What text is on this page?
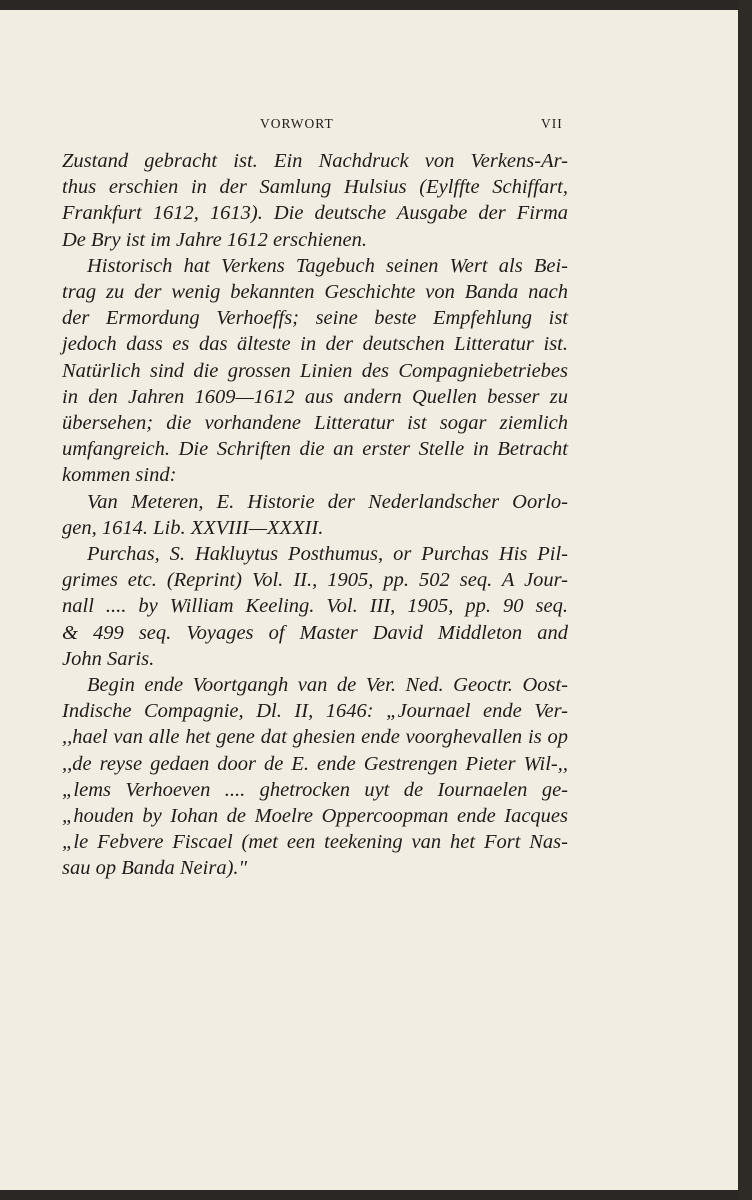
VORWORT	VII
Zustand gebracht ist. Ein Nachdruck von Verkens-Ar-
thus erschien in der Samlung Hulsius (Eylffte Schiffart,
Frankfurt 1612, 1613). Die deutsche Ausgabe der Firma
De Bry ist im Jahre 1612 erschienen.
Historisch hat Verkens Tagebuch seinen Wert als Bei-
trag zu der wenig bekannten Geschichte von Banda nach
der Ermordung Verhoeffs; seine beste Empfehlung ist
jedoch dass es das älteste in der deutschen Litteratur ist.
Natürlich sind die grossen Linien des Compagniebetriebes
in den Jahren 1609—1612 aus andern Quellen besser zu
übersehen; die vorhandene Litteratur ist sogar ziemlich
umfangreich. Die Schriften die an erster Stelle in Betracht
kommen sind:
Van Meteren, E. Historie der Nederlandscher Oorlo-
gen, 1614. Lib. XXVIII—XXXII.
Purchas, S. Hakluytus Posthumus, or Purchas His Pil-
grimes etc. (Reprint) Vol. II., 1905, pp. 502 seq. A Jour-
nall .... by William Keeling. Vol. III, 1905, pp. 90 seq.
& 499 seq. Voyages of Master David Middleton and
John Saris.
Begin ende Voortgangh van de Ver. Ned. Geoctr. Oost-
Indische Compagnie, Dl. II, 1646: „Journael ende Ver-
,,hael van alle het gene dat ghesien ende voorghevallen is op
,,de reyse gedaen door de E. ende Gestrengen Pieter Wil-,,
„lems Verhoeven .... ghetrocken uyt de Iournaelen ge-
„houden by Iohan de Moelre Oppercoopman ende Iacques
„le Febvere Fiscael (met een teekening van het Fort Nas-
sau op Banda Neira)."
